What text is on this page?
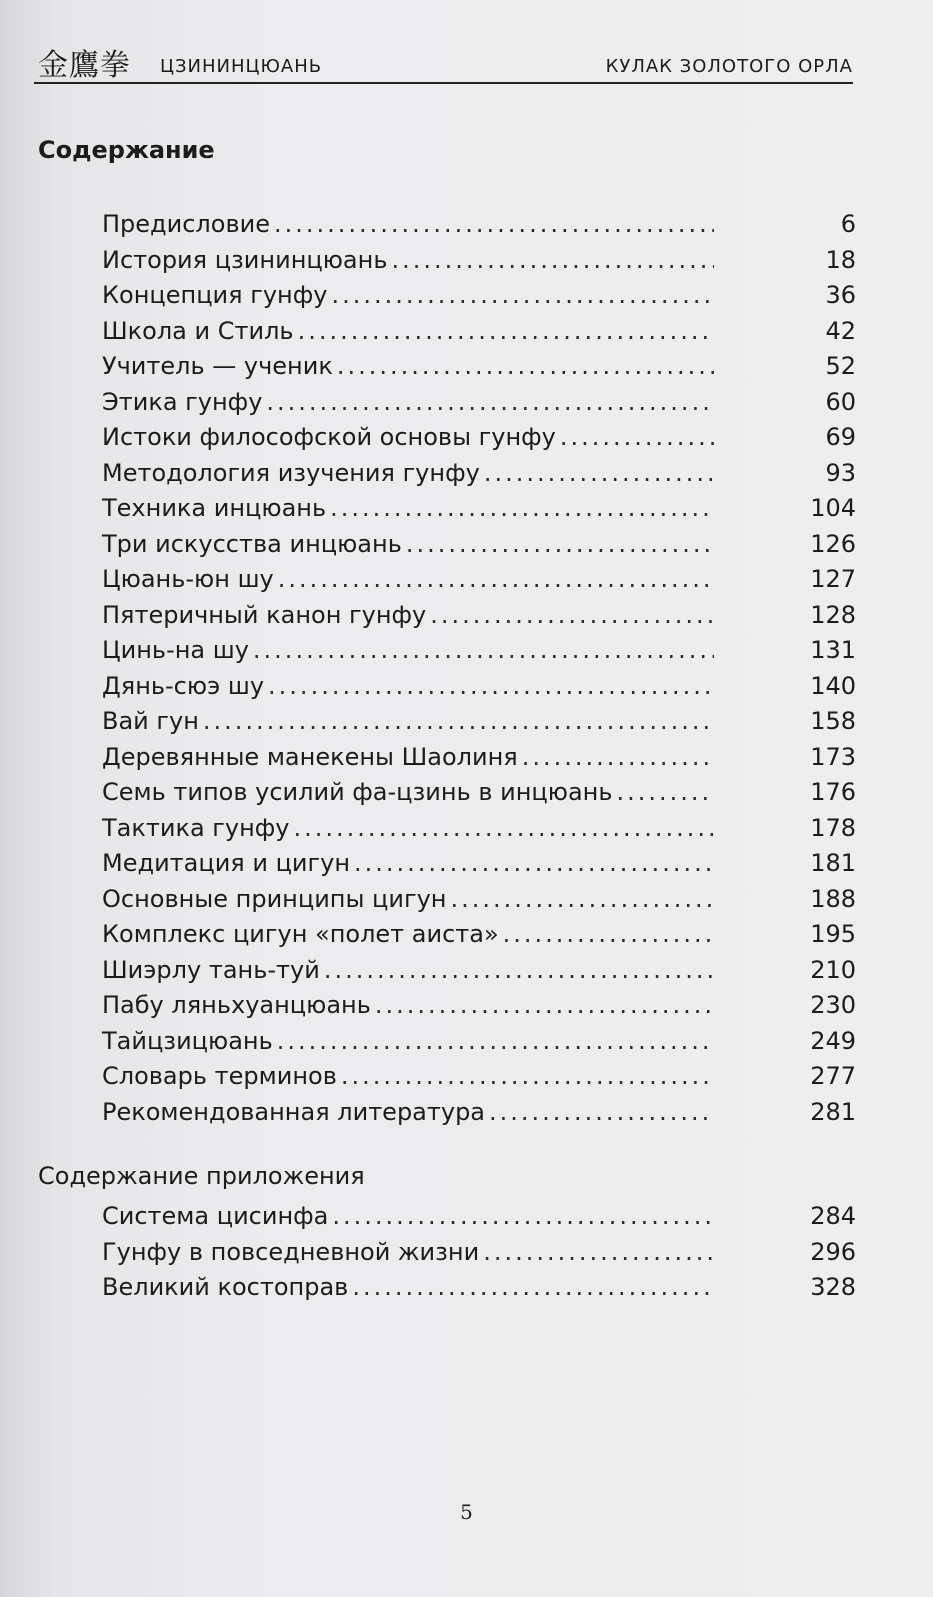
金鷹拳 ЦЗИНИНЦЮАНЬ	КУЛАК ЗОЛОТОГО ОРЛА
Содержание
Предисловие .....	6
История цзининцюань .....	18
Концепция гунфу .....	36
Школа и Стиль .....	42
Учитель — ученик .....	52
Этика гунфу .....	60
Истоки философской основы гунфу .....	69
Методология изучения гунфу .....	93
Техника инцюань .....	104
Три искусства инцюань .....	126
Цюань-юн шу .....	127
Пятеричный канон гунфу .....	128
Цинь-на шу .....	131
Дянь-сюэ шу .....	140
Вай гун .....	158
Деревянные манекены Шаолиня .....	173
Семь типов усилий фа-цзинь в инцюань .....	176
Тактика гунфу .....	178
Медитация и цигун .....	181
Основные принципы цигун .....	188
Комплекс цигун «полет аиста» .....	195
Шиэрлу тань-туй .....	210
Пабу ляньхуанцюань .....	230
Тайцзицюань .....	249
Словарь терминов .....	277
Рекомендованная литература .....	281
Содержание приложения
Система цисинфа .....	284
Гунфу в повседневной жизни .....	296
Великий костоправ .....	328
5
